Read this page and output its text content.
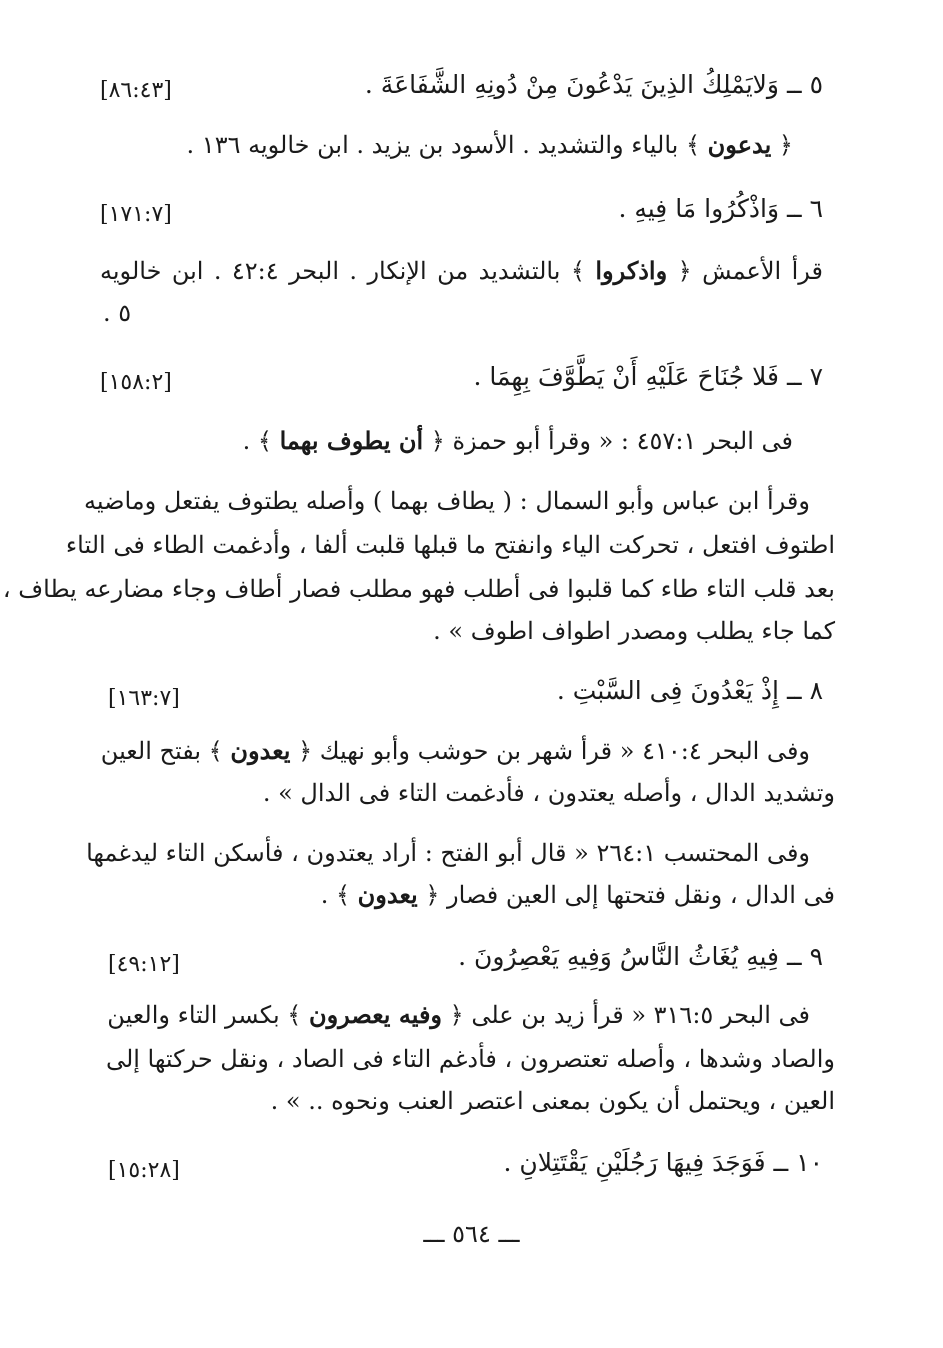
٥ ــ وَلايَمْلِكُ الذِينَ يَدْعُونَ مِنْ دُونِهِ الشَّفَاعَةَ .
[٨٦:٤٣]
﴿ يدعون ﴾ بالياء والتشديد . الأسود بن يزيد . ابن خالويه ١٣٦ .
٦ ــ وَاذْكُرُوا مَا فِيهِ .
[١٧١:٧]
قرأ الأعمش ﴿ واذكروا ﴾ بالتشديد من الإنكار . البحر ٤٢:٤ . ابن خالويه
٥ .
٧ ــ فَلا جُنَاحَ عَلَيْهِ أَنْ يَطَّوَّفَ بِهِمَا .
[١٥٨:٢]
فى البحر ٤٥٧:١ : « وقرأ أبو حمزة ﴿ أن يطوف بهما ﴾ .
وقرأ ابن عباس وأبو السمال : ( يطاف بهما ) وأصله يطتوف يفتعل وماضيه
اطتوف افتعل ، تحركت الياء وانفتح ما قبلها قلبت ألفا ، وأدغمت الطاء فى التاء
بعد قلب التاء طاء كما قلبوا فى أطلب فهو مطلب فصار أطاف وجاء مضارعه يطاف ،
كما جاء يطلب ومصدر اطواف اطوف » .
٨ ــ إِذْ يَعْدُونَ فِى السَّبْتِ .
[١٦٣:٧]
وفى البحر ٤١٠:٤ « قرأ شهر بن حوشب وأبو نهيك ﴿ يعدون ﴾ بفتح العين
وتشديد الدال ، وأصله يعتدون ، فأدغمت التاء فى الدال » .
وفى المحتسب ٢٦٤:١ « قال أبو الفتح : أراد يعتدون ، فأسكن التاء ليدغمها
فى الدال ، ونقل فتحتها إلى العين فصار ﴿ يعدون ﴾ .
٩ ــ فِيهِ يُغَاثُ النَّاسُ وَفِيهِ يَعْصِرُونَ .
[٤٩:١٢]
فى البحر ٣١٦:٥ « قرأ زيد بن على ﴿ وفيه يعصرون ﴾ بكسر التاء والعين
والصاد وشدها ، وأصله تعتصرون ، فأدغم التاء فى الصاد ، ونقل حركتها إلى
العين ، ويحتمل أن يكون بمعنى اعتصر العنب ونحوه .. » .
١٠ ــ فَوَجَدَ فِيهَا رَجُلَيْنِ يَقْتَتِلانِ .
[١٥:٢٨]
ـــ ٥٦٤ ـــ
